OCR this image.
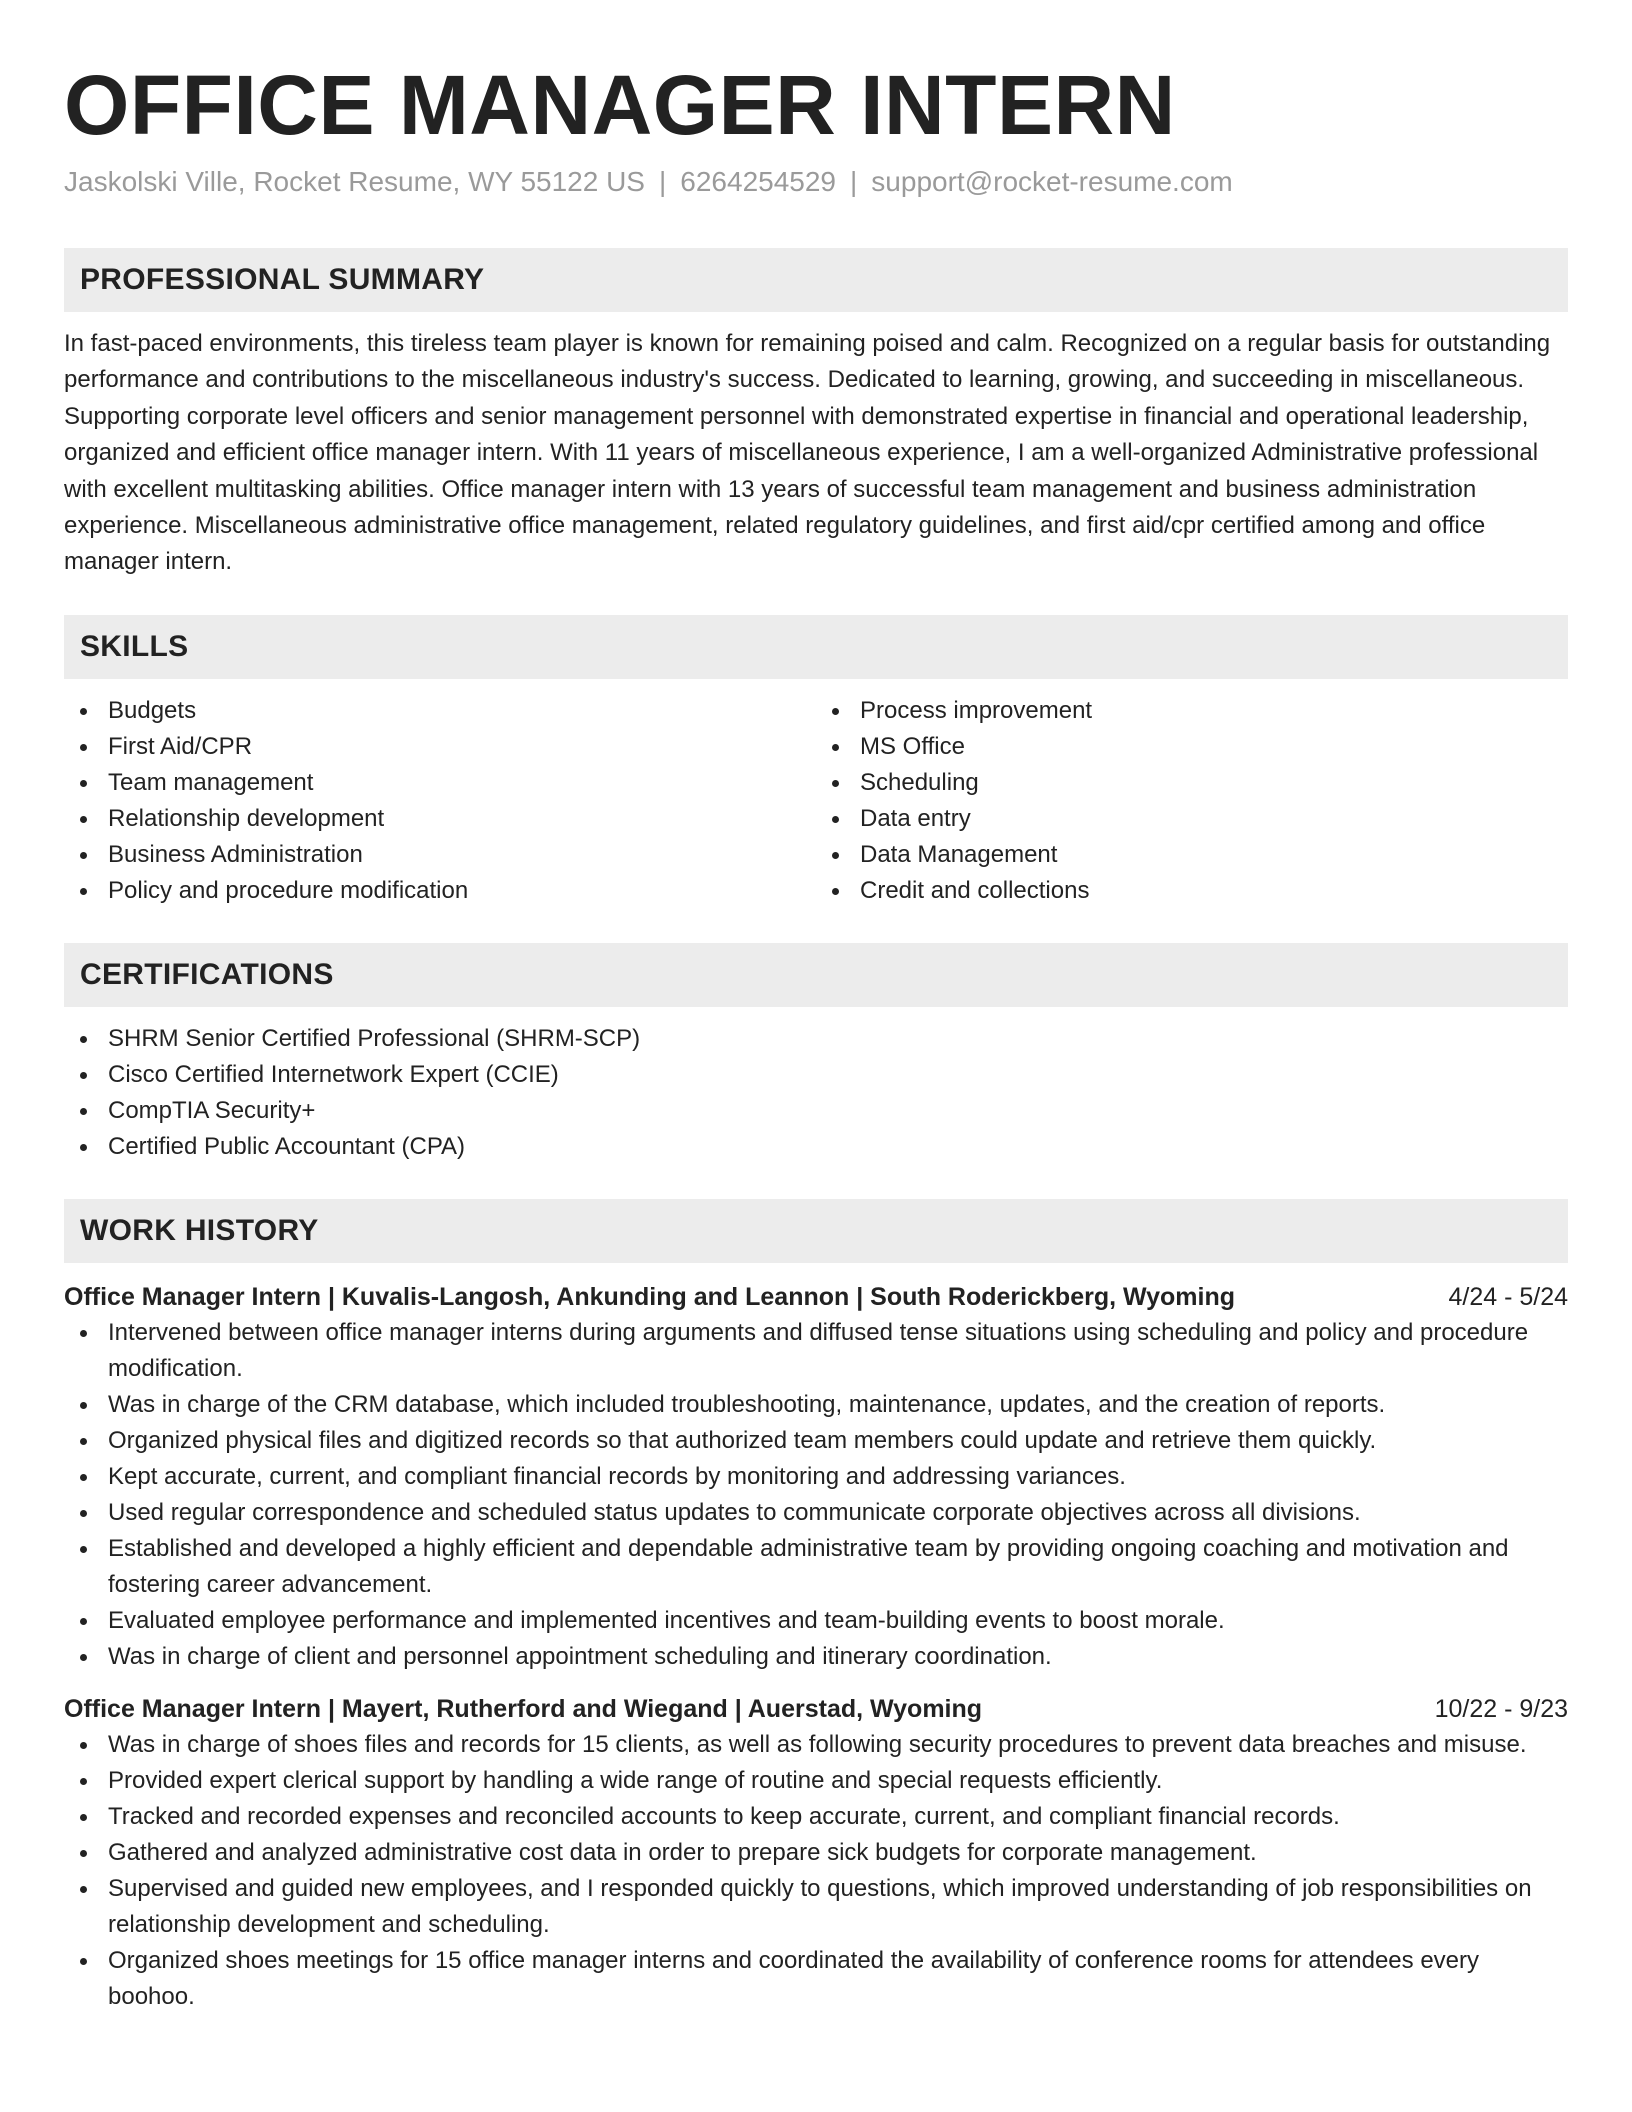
OFFICE MANAGER INTERN
Jaskolski Ville, Rocket Resume, WY 55122 US | 6264254529 | support@rocket-resume.com
PROFESSIONAL SUMMARY
In fast-paced environments, this tireless team player is known for remaining poised and calm. Recognized on a regular basis for outstanding performance and contributions to the miscellaneous industry's success. Dedicated to learning, growing, and succeeding in miscellaneous. Supporting corporate level officers and senior management personnel with demonstrated expertise in financial and operational leadership, organized and efficient office manager intern. With 11 years of miscellaneous experience, I am a well-organized Administrative professional with excellent multitasking abilities. Office manager intern with 13 years of successful team management and business administration experience. Miscellaneous administrative office management, related regulatory guidelines, and first aid/cpr certified among and office manager intern.
SKILLS
Budgets
First Aid/CPR
Team management
Relationship development
Business Administration
Policy and procedure modification
Process improvement
MS Office
Scheduling
Data entry
Data Management
Credit and collections
CERTIFICATIONS
SHRM Senior Certified Professional (SHRM-SCP)
Cisco Certified Internetwork Expert (CCIE)
CompTIA Security+
Certified Public Accountant (CPA)
WORK HISTORY
Office Manager Intern | Kuvalis-Langosh, Ankunding and Leannon | South Roderickberg, Wyoming	4/24 - 5/24
Intervened between office manager interns during arguments and diffused tense situations using scheduling and policy and procedure modification.
Was in charge of the CRM database, which included troubleshooting, maintenance, updates, and the creation of reports.
Organized physical files and digitized records so that authorized team members could update and retrieve them quickly.
Kept accurate, current, and compliant financial records by monitoring and addressing variances.
Used regular correspondence and scheduled status updates to communicate corporate objectives across all divisions.
Established and developed a highly efficient and dependable administrative team by providing ongoing coaching and motivation and fostering career advancement.
Evaluated employee performance and implemented incentives and team-building events to boost morale.
Was in charge of client and personnel appointment scheduling and itinerary coordination.
Office Manager Intern | Mayert, Rutherford and Wiegand | Auerstad, Wyoming	10/22 - 9/23
Was in charge of shoes files and records for 15 clients, as well as following security procedures to prevent data breaches and misuse.
Provided expert clerical support by handling a wide range of routine and special requests efficiently.
Tracked and recorded expenses and reconciled accounts to keep accurate, current, and compliant financial records.
Gathered and analyzed administrative cost data in order to prepare sick budgets for corporate management.
Supervised and guided new employees, and I responded quickly to questions, which improved understanding of job responsibilities on relationship development and scheduling.
Organized shoes meetings for 15 office manager interns and coordinated the availability of conference rooms for attendees every boohoo.
